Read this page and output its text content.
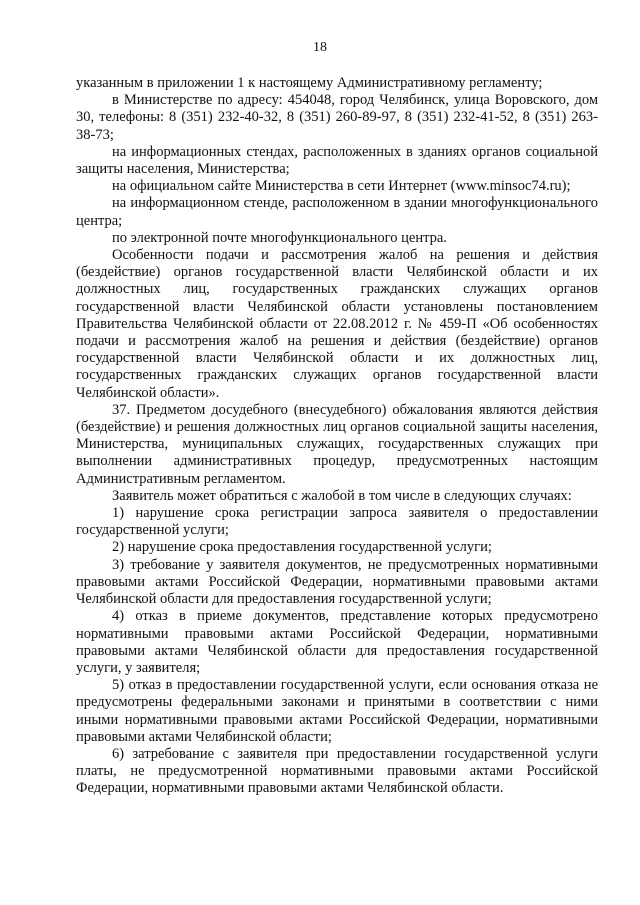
18

указанным в приложении 1 к настоящему Административному регламенту;

в Министерстве по адресу: 454048, город Челябинск, улица Воровского, дом 30, телефоны: 8 (351) 232-40-32, 8 (351) 260-89-97, 8 (351) 232-41-52, 8 (351) 263-38-73;

на информационных стендах, расположенных в зданиях органов социальной защиты населения, Министерства;

на официальном сайте Министерства в сети Интернет (www.minsoc74.ru);

на информационном стенде, расположенном в здании многофункционального центра;

по электронной почте многофункционального центра.

Особенности подачи и рассмотрения жалоб на решения и действия (бездействие) органов государственной власти Челябинской области и их должностных лиц, государственных гражданских служащих органов государственной власти Челябинской области установлены постановлением Правительства Челябинской области от 22.08.2012 г. № 459-П «Об особенностях подачи и рассмотрения жалоб на решения и действия (бездействие) органов государственной власти Челябинской области и их должностных лиц, государственных гражданских служащих органов государственной власти Челябинской области».

37. Предметом досудебного (внесудебного) обжалования являются действия (бездействие) и решения должностных лиц органов социальной защиты населения, Министерства, муниципальных служащих, государственных служащих при выполнении административных процедур, предусмотренных настоящим Административным регламентом.

Заявитель может обратиться с жалобой в том числе в следующих случаях:

1) нарушение срока регистрации запроса заявителя о предоставлении государственной услуги;

2) нарушение срока предоставления государственной услуги;

3) требование у заявителя документов, не предусмотренных нормативными правовыми актами Российской Федерации, нормативными правовыми актами Челябинской области для предоставления государственной услуги;

4) отказ в приеме документов, представление которых предусмотрено нормативными правовыми актами Российской Федерации, нормативными правовыми актами Челябинской области для предоставления государственной услуги, у заявителя;

5) отказ в предоставлении государственной услуги, если основания отказа не предусмотрены федеральными законами и принятыми в соответствии с ними иными нормативными правовыми актами Российской Федерации, нормативными правовыми актами Челябинской области;

6) затребование с заявителя при предоставлении государственной услуги платы, не предусмотренной нормативными правовыми актами Российской Федерации, нормативными правовыми актами Челябинской области.
